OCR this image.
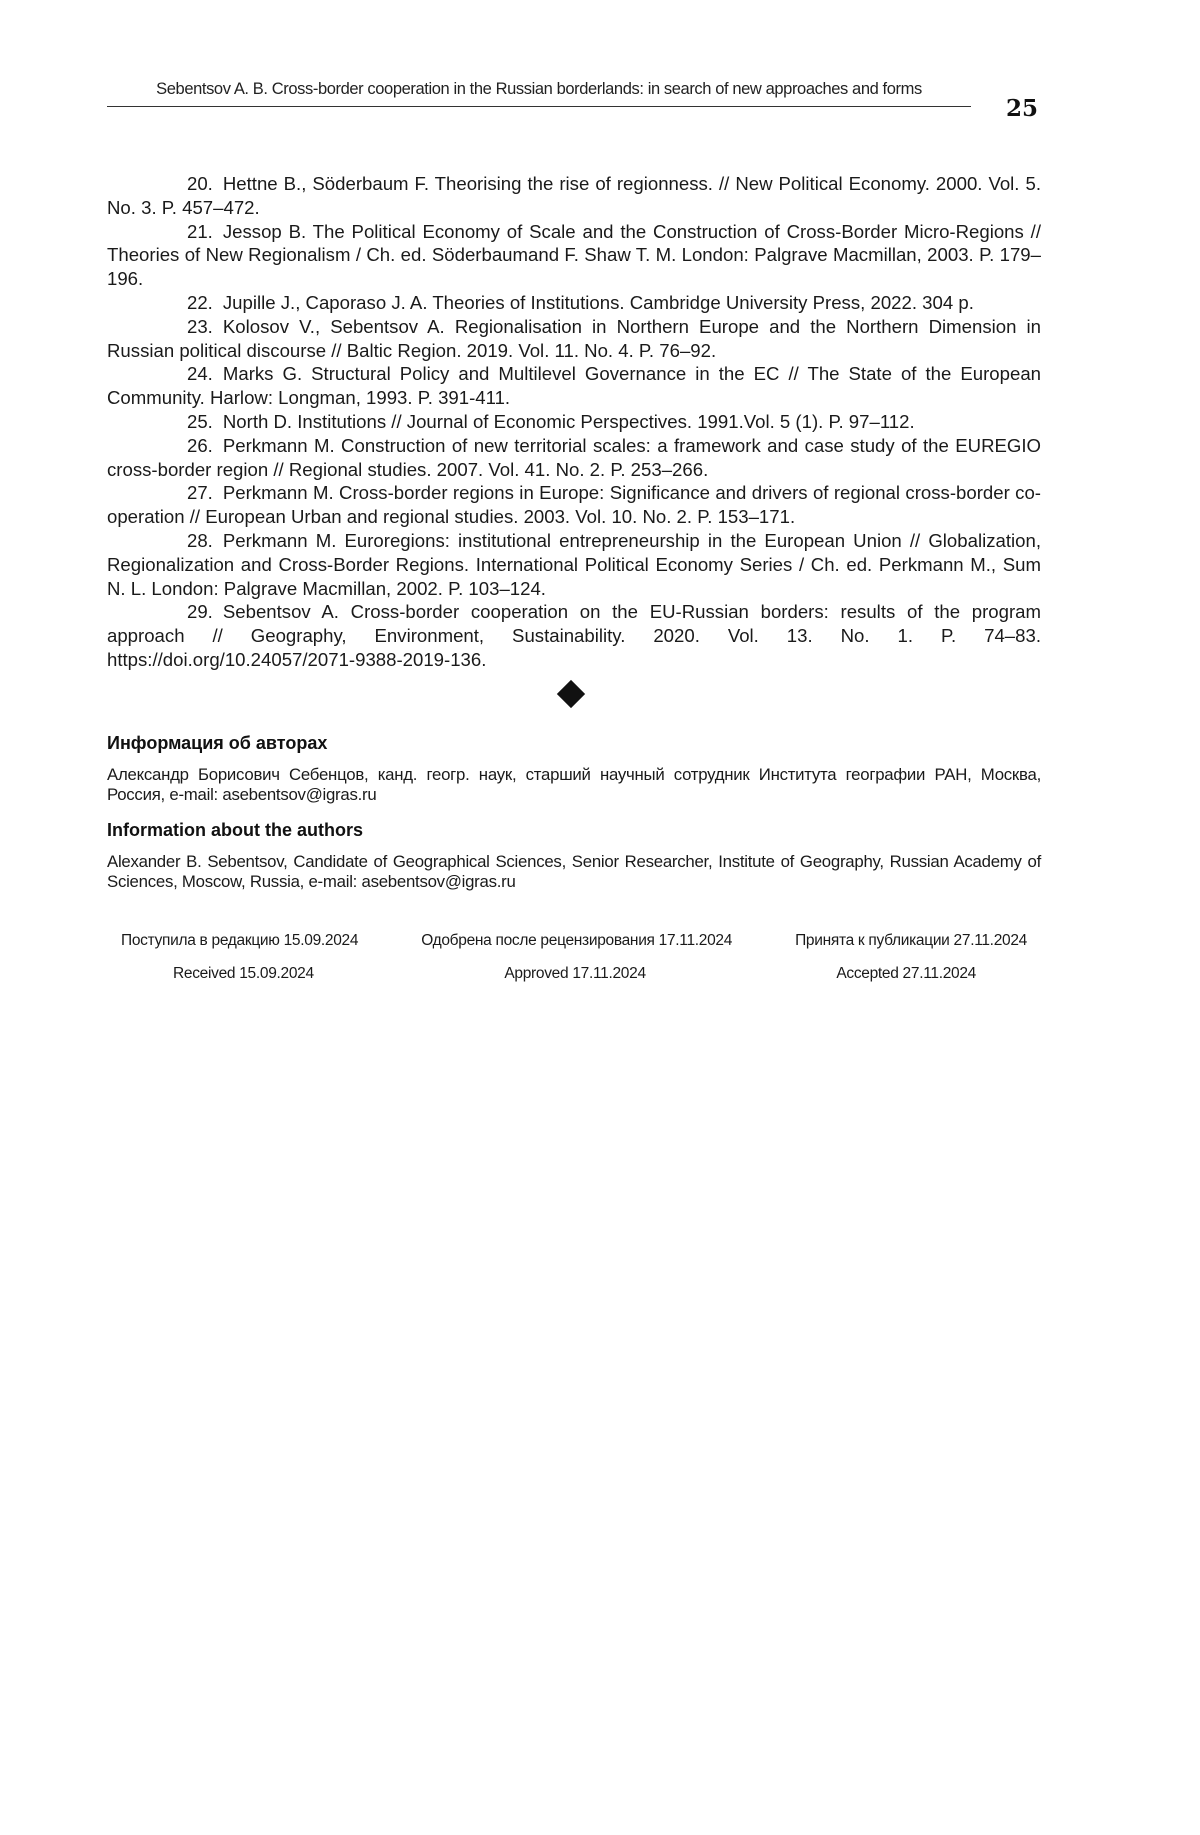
Sebentsov A. B. Cross-border cooperation in the Russian borderlands: in search of new approaches and forms
25

20. Hettne B., Söderbaum F. Theorising the rise of regionness. // New Political Economy. 2000. Vol. 5. No. 3. P. 457–472.

21. Jessop B. The Political Economy of Scale and the Construction of Cross-Border Micro-Regions // Theories of New Regionalism / Ch. ed. Söderbaumand F. Shaw T. M. London: Palgrave Macmillan, 2003. P. 179–196.

22. Jupille J., Caporaso J. A. Theories of Institutions. Cambridge University Press, 2022. 304 p.

23. Kolosov V., Sebentsov A. Regionalisation in Northern Europe and the Northern Dimension in Russian political discourse // Baltic Region. 2019. Vol. 11. No. 4. P. 76–92.

24. Marks G. Structural Policy and Multilevel Governance in the EC // The State of the European Community. Harlow: Longman, 1993. P. 391-411.

25. North D. Institutions // Journal of Economic Perspectives. 1991.Vol. 5 (1). P. 97–112.

26. Perkmann M. Construction of new territorial scales: a framework and case study of the EUREGIO cross-border region // Regional studies. 2007. Vol. 41. No. 2. P. 253–266.

27. Perkmann M. Cross-border regions in Europe: Significance and drivers of regional cross-border co-operation // European Urban and regional studies. 2003. Vol. 10. No. 2. P. 153–171.

28. Perkmann M. Euroregions: institutional entrepreneurship in the European Union // Globalization, Regionalization and Cross-Border Regions. International Political Economy Series / Ch. ed. Perkmann M., Sum N. L. London: Palgrave Macmillan, 2002. P. 103–124.

29. Sebentsov A. Cross-border cooperation on the EU-Russian borders: results of the program approach // Geography, Environment, Sustainability. 2020. Vol. 13. No. 1. P. 74–83. https://doi.org/10.24057/2071-9388-2019-136.

Информация об авторах
Александр Борисович Себенцов, канд. геогр. наук, старший научный сотрудник Института географии РАН, Москва, Россия, e-mail: asebentsov@igras.ru
Information about the authors
Alexander B. Sebentsov, Candidate of Geographical Sciences, Senior Researcher, Institute of Geography, Russian Academy of Sciences, Moscow, Russia, e-mail: asebentsov@igras.ru
Поступила в редакцию 15.09.2024	Одобрена после рецензирования 17.11.2024	Принята к публикации 27.11.2024
Received 15.09.2024	Approved 17.11.2024	Accepted 27.11.2024
